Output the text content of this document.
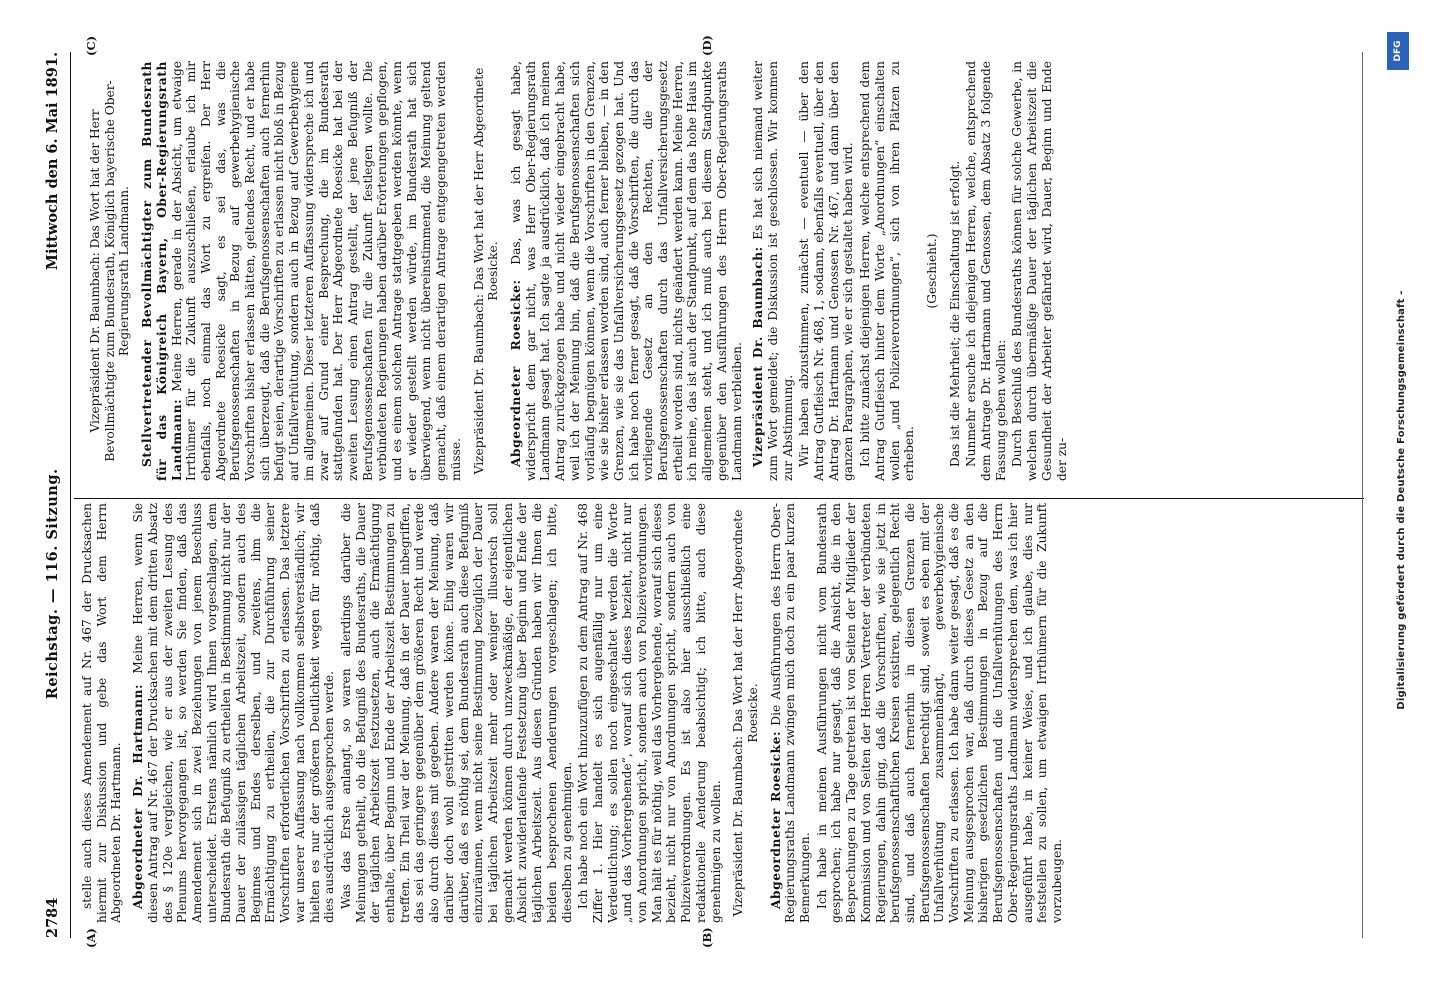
2784
Reichstag. — 116. Sitzung.
Mittwoch den 6. Mai 1891.
(A)	(B)
(C)	(D)

stelle auch dieses Amendement auf Nr. 467 der Drucksachen hiermit zur Diskussion und gebe das Wort dem Herrn Abgeordneten Dr. Hartmann. Abgeordneter Dr. Hartmann: Meine Herren, wenn Sie diesen Antrag auf Nr. 467 der Drucksachen mit dem dritten Absatz des § 120e vergleichen, wie er aus der zweiten Lesung des Plenums hervorgegangen ist, so werden Sie finden, daß das Amendement sich in zwei Beziehungen von jenem Beschluss unterscheidet. Erstens nämlich wird Ihnen vorgeschlagen, dem Bundesrath die Befugniß zu ertheilen in Bestimmung nicht nur der Dauer der zulässigen täglichen Arbeitszeit, sondern auch des Beginnes und Endes derselben, und zweitens, ihm die Ermächtigung zu ertheilen, die zur Durchführung seiner Vorschriften erforderlichen Vorschriften zu erlassen. Das letztere war unserer Auffassung nach vollkommen selbstverständlich; wir hielten es nur der größeren Deutlichkeit wegen für nöthig, daß dies ausdrücklich ausgesprochen werde. Was das Erste anlangt, so waren allerdings darüber die Meinungen getheilt, ob die Befugniß des Bundesraths, die Dauer der täglichen Arbeitszeit festzusetzen, auch die Ermächtigung enthalte, über Beginn und Ende der Arbeitszeit Bestimmungen zu treffen. Ein Theil war der Meinung, daß in der Dauer inbegriffen, das sei das geringere gegenüber dem größeren Recht und werde also durch dieses mit gegeben. Andere waren der Meinung, daß darüber doch wohl gestritten werden könne. Einig waren wir darüber, daß es nöthig sei, dem Bundesrath auch diese Befugniß einzuräumen, wenn nicht seine Bestimmung bezüglich der Dauer bei täglichen Arbeitszeit mehr oder weniger illusorisch soll gemacht werden können durch unzweckmäßige, der eigentlichen Absicht zuwiderlaufende Festsetzung über Beginn und Ende der täglichen Arbeitszeit. Aus diesen Gründen haben wir Ihnen die beiden besprochenen Aenderungen vorgeschlagen; ich bitte, dieselben zu genehmigen. Ich habe noch ein Wort hinzuzufügen zu dem Antrag auf Nr. 468 Ziffer 1. Hier handelt es sich augenfällig nur um eine Verdeutlichung; es sollen noch eingeschaltet werden die Worte „und das Vorhergehende“, worauf sich dieses bezieht, nicht nur von Anordnungen spricht, sondern auch von Polizeiverordnungen. Man hält es für nöthig, weil das Vorhergehende, worauf sich dieses bezieht, nicht nur von Anordnungen spricht, sondern auch von Polizeiverordnungen. Es ist also hier ausschließlich eine redaktionelle Aenderung beabsichtigt; ich bitte, auch diese genehmigen zu wollen. Vizepräsident Dr. Baumbach: Das Wort hat der Herr Abgeordnete Roesicke.

Abgeordneter Roesicke: Die Ausführungen des Herrn Ober-Regierungsraths Landmann zwingen mich doch zu ein paar kurzen Bemerkungen. Ich habe in meinen Ausführungen nicht vom Bundesrath gesprochen; ich habe nur gesagt, daß die Ansicht, die in den Besprechungen zu Tage getreten ist von Seiten der Mitglieder der Kommission und von Seiten der Herren Vertreter der verbündeten Regierungen, dahin ging, daß die Vorschriften, wie sie jetzt in berufsgenossenschaftlichen Kreisen existiren, gelegentlich Recht sind, und daß auch fernerhin in diesen Grenzen die Berufsgenossenschaften berechtigt sind, soweit es eben mit der Unfallverhütung zusammenhängt, gewerbehygienische Vorschriften zu erlassen. Ich habe dann weiter gesagt, daß es die Meinung ausgesprochen war, daß durch dieses Gesetz an den bisherigen gesetzlichen Bestimmungen in Bezug auf die Berufsgenossenschaften und die Unfallverhütungen des Herrn Ober-Regierungsraths Landmann widersprechen dem, was ich hier ausgeführt habe, in keiner Weise, und ich glaube, dies nur feststellen zu sollen, um etwaigen Irrthümern für die Zukunft vorzubeugen.

Vizepräsident Dr. Baumbach: Das Wort hat der Herr Bevollmächtigte zum Bundesrath, Königlich bayerische Ober-Regierungsrath Landmann. Stellvertretender Bevollmächtigter zum Bundesrath für das Königreich Bayern, Ober-Regierungsrath Landmann: Meine Herren, gerade in der Absicht, um etwaige Irrthümer für die Zukunft auszuschließen, erlaube ich mir ebenfalls, noch einmal das Wort zu ergreifen. Der Herr Abgeordnete Roesicke sagt, es sei das, was die Berufsgenossenschaften in Bezug auf gewerbehygienische Vorschriften bisher erlassen hätten, geltendes Recht, und er habe sich überzeugt, daß die Berufsgenossenschaften auch fernerhin befugt seien, derartige Vorschriften zu erlassen nicht bloß in Bezug auf Unfallverhütung, sondern auch in Bezug auf Gewerbehygiene im allgemeinen. Dieser letzteren Auffassung widerspreche ich und zwar auf Grund einer Besprechung, die im Bundesrath stattgefunden hat. Der Herr Abgeordnete Roesicke hat bei der zweiten Lesung einen Antrag gestellt, der jene Befugniß der Berufsgenossenschaften für die Zukunft festlegen wollte. Die verbündeten Regierungen haben darüber Erörterungen gepflogen, und es einem solchen Antrage stattgegeben werden könnte, wenn er wieder gestellt werden würde, im Bundesrath hat sich überwiegend, wenn nicht übereinstimmend, die Meinung geltend gemacht, daß einem derartigen Antrage entgegengetreten werden müsse. Vizepräsident Dr. Baumbach: Das Wort hat der Herr Abgeordnete Roesicke.

Abgeordneter Roesicke: Das, was ich gesagt habe, widerspricht dem gar nicht, was Herr Ober-Regierungsrath Landmann gesagt hat. Ich sagte ja ausdrücklich, daß ich meinen Antrag zurückgezogen habe und nicht wieder eingebracht habe, weil ich der Meinung bin, daß die Berufsgenossenschaften sich vorläufig begnügen können, wenn die Vorschriften in den Grenzen, wie sie bisher erlassen worden sind, auch ferner bleiben, — in den Grenzen, wie sie das Unfallversicherungsgesetz gezogen hat. Und ich habe noch ferner gesagt, daß die Vorschriften, die durch das vorliegende Gesetz an den Rechten, die der Berufsgenossenschaften durch das Unfallversicherungsgesetz ertheilt worden sind, nichts geändert werden kann. Meine Herren, ich meine, das ist auch der Standpunkt, auf dem das hohe Haus im allgemeinen steht, und ich muß auch bei diesem Standpunkte gegenüber den Ausführungen des Herrn Ober-Regierungsraths Landmann verbleiben. Vizepräsident Dr. Baumbach: Es hat sich niemand weiter zum Wort gemeldet; die Diskussion ist geschlossen. Wir kommen zur Abstimmung. Wir haben abzustimmen, zunächst — eventuell — über den Antrag Gutfleisch Nr. 468, 1, sodann, ebenfalls eventuell, über den Antrag Dr. Hartmann und Genossen Nr. 467, und dann über den ganzen Paragraphen, wie er sich gestaltet haben wird. Ich bitte zunächst diejenigen Herren, welche entsprechend dem Antrag Gutfleisch hinter dem Worte „Anordnungen“ einschalten wollen „und Polizeiverordnungen“, sich von ihren Plätzen zu erheben.

(Geschieht.) Das ist die Mehrheit; die Einschaltung ist erfolgt. Nunmehr ersuche ich diejenigen Herren, welche, entsprechend dem Antrage Dr. Hartmann und Genossen, dem Absatz 3 folgende Fassung geben wollen: Durch Beschluß des Bundesraths können für solche Gewerbe, in welchen durch übermäßige Dauer der täglichen Arbeitszeit die Gesundheit der Arbeiter gefährdet wird, Dauer, Beginn und Ende der zu-	Digitalisierung gefördert durch die Deutsche Forschungsgemeinschaft -
DFG
